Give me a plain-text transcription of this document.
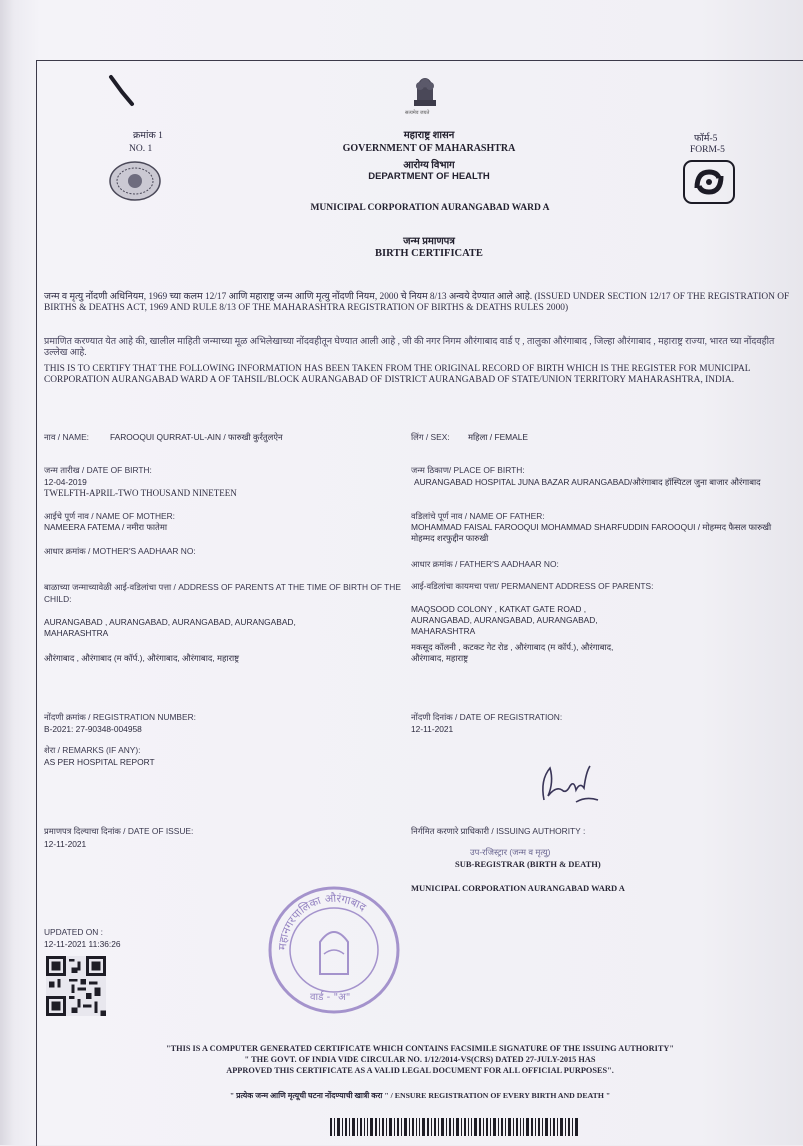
क्रमांक 1
NO. 1
सत्यमेव जयते
महाराष्ट्र शासन
GOVERNMENT OF MAHARASHTRA
आरोग्य विभाग
DEPARTMENT OF HEALTH
फॉर्म-5
FORM-5
MUNICIPAL CORPORATION AURANGABAD WARD A
जन्म प्रमाणपत्र
BIRTH CERTIFICATE
जन्म व मृत्यु नोंदणी अधिनियम, 1969 च्या कलम 12/17 आणि महाराष्ट्र जन्म आणि मृत्यु नोंदणी नियम, 2000 चे नियम 8/13 अन्वये देण्यात आले आहे. (ISSUED UNDER SECTION 12/17 OF THE REGISTRATION OF BIRTHS & DEATHS ACT, 1969 AND RULE 8/13 OF THE MAHARASHTRA REGISTRATION OF BIRTHS & DEATHS RULES 2000)
प्रमाणित करण्यात येत आहे की, खालील माहिती जन्माच्या मूळ अभिलेखाच्या नोंदवहीतून घेण्यात आली आहे , जी की नगर निगम औरंगाबाद वार्ड ए , तालुका औरंगाबाद , जिल्हा औरंगाबाद , महाराष्ट्र राज्या, भारत च्या नोंदवहीत उल्लेख आहे.
THIS IS TO CERTIFY THAT THE FOLLOWING INFORMATION HAS BEEN TAKEN FROM THE ORIGINAL RECORD OF BIRTH WHICH IS THE REGISTER FOR MUNICIPAL CORPORATION AURANGABAD WARD A OF TAHSIL/BLOCK AURANGABAD OF DISTRICT AURANGABAD OF STATE/UNION TERRITORY MAHARASHTRA, INDIA.
नाव / NAME:	FAROOQUI QURRAT-UL-AIN / फारुखी कुर्रतुलऐन	लिंग / SEX: महिला / FEMALE
जन्म तारीख / DATE OF BIRTH:
12-04-2019
TWELFTH-APRIL-TWO THOUSAND NINETEEN
जन्म ठिकाण/ PLACE OF BIRTH:
AURANGABAD HOSPITAL JUNA BAZAR AURANGABAD/औरंगाबाद हॉस्पिटल जुना बाजार औरंगाबाद
आईचे पूर्ण नाव / NAME OF MOTHER:
NAMEERA FATEMA / नमीरा फातेमा
वडिलांचे पूर्ण नाव / NAME OF FATHER:
MOHAMMAD FAISAL FAROOQUI MOHAMMAD SHARFUDDIN FAROOQUI / मोहम्मद फैसल फारुखी मोहम्मद शरफुद्दीन फारुखी
आधार क्रमांक / MOTHER'S AADHAAR NO:
आधार क्रमांक / FATHER'S AADHAAR NO:
बाळाच्या जन्माच्यावेळी आई-वडिलांचा पत्ता / ADDRESS OF PARENTS AT THE TIME OF BIRTH OF THE CHILD:
AURANGABAD , AURANGABAD, AURANGABAD, AURANGABAD, MAHARASHTRA
औरंगाबाद , औरंगाबाद (म कॉर्प.), औरंगाबाद, औरंगाबाद, महाराष्ट्र
आई-वडिलांचा कायमचा पत्ता/ PERMANENT ADDRESS OF PARENTS:
MAQSOOD COLONY , KATKAT GATE ROAD , AURANGABAD, AURANGABAD, AURANGABAD, MAHARASHTRA
मकसूद कॉलनी , कटकट गेट रोड , औरंगाबाद (म कॉर्प.), औरंगाबाद, औरंगाबाद, महाराष्ट्र
नोंदणी क्रमांक / REGISTRATION NUMBER:
B-2021: 27-90348-004958
नोंदणी दिनांक / DATE OF REGISTRATION:
12-11-2021
शेरा / REMARKS (IF ANY):
AS PER HOSPITAL REPORT
प्रमाणपत्र दिल्याचा दिनांक / DATE OF ISSUE:
12-11-2021
निर्गमित करणारे प्राधिकारी / ISSUING AUTHORITY :
उप-रजिस्ट्रार (जन्म व मृत्यु)
SUB-REGISTRAR (BIRTH & DEATH)
MUNICIPAL CORPORATION AURANGABAD WARD A
UPDATED ON :
12-11-2021 11:36:26	महानगरपालिका औरंगाबाद
वार्ड - "अ"
"THIS IS A COMPUTER GENERATED CERTIFICATE WHICH CONTAINS FACSIMILE SIGNATURE OF THE ISSUING AUTHORITY"
" THE GOVT. OF INDIA VIDE CIRCULAR NO. 1/12/2014-VS(CRS) DATED 27-JULY-2015 HAS
APPROVED THIS CERTIFICATE AS A VALID LEGAL DOCUMENT FOR ALL OFFICIAL PURPOSES".
" प्रत्येक जन्म आणि मृत्यूची घटना नोंदण्याची खात्री करा " / ENSURE REGISTRATION OF EVERY BIRTH AND DEATH "
